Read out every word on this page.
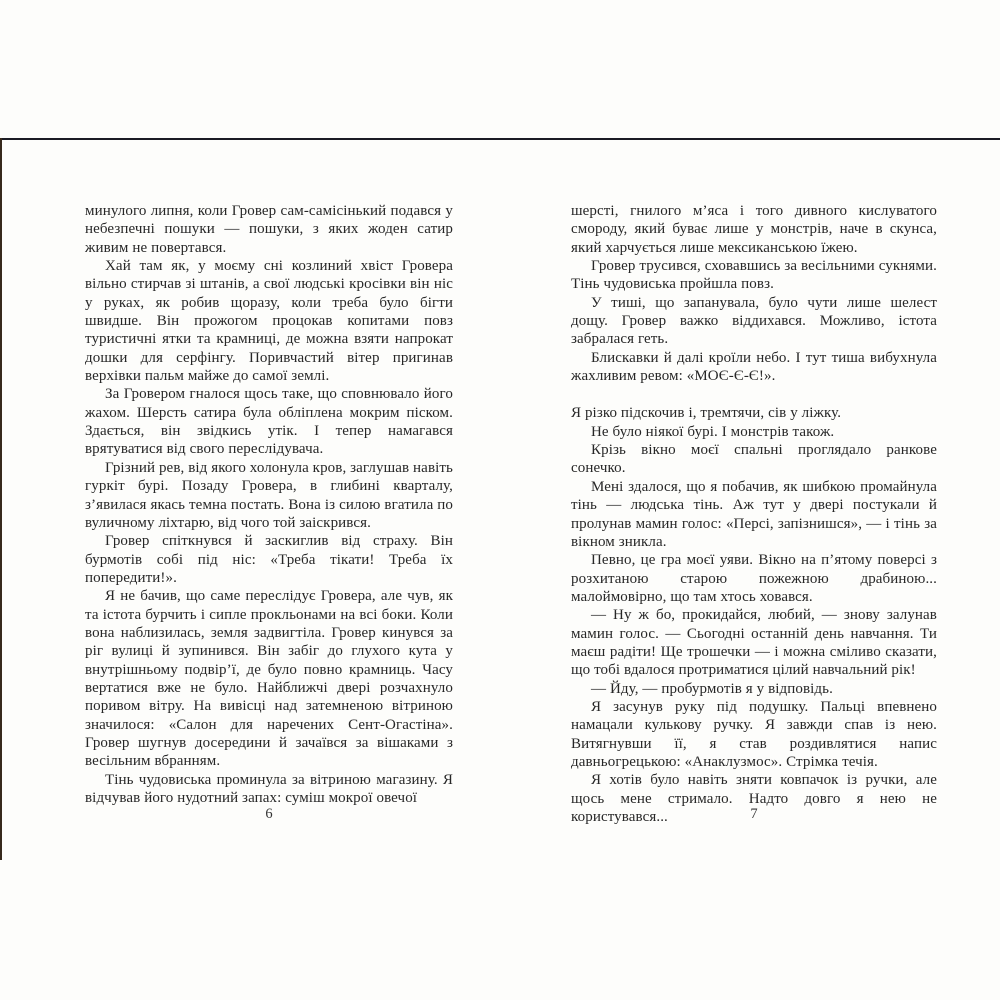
минулого липня, коли Гровер сам-самісінький подався у небезпечні пошуки — пошуки, з яких жоден сатир живим не повертався.

Хай там як, у моєму сні козлиний хвіст Гровера вільно стирчав зі штанів, а свої людські кросівки він ніс у руках, як робив щоразу, коли треба було бігти швидше. Він прожогом процокав копитами повз туристичні ятки та крамниці, де можна взяти напрокат дошки для серфінгу. Поривчастий вітер пригинав верхівки пальм майже до самої землі.

За Гровером гналося щось таке, що сповнювало його жахом. Шерсть сатира була обліплена мокрим піском. Здається, він звідкись утік. І тепер намагався врятуватися від свого переслідувача.

Грізний рев, від якого холонула кров, заглушав навіть гуркіт бурі. Позаду Гровера, в глибині кварталу, з’явилася якась темна постать. Вона із силою вгатила по вуличному ліхтарю, від чого той заіскрився.

Гровер спіткнувся й заскиглив від страху. Він бурмотів собі під ніс: «Треба тікати! Треба їх попередити!».

Я не бачив, що саме переслідує Гровера, але чув, як та істота бурчить і сипле прокльонами на всі боки. Коли вона наблизилась, земля задвигтіла. Гровер кинувся за ріг вулиці й зупинився. Він забіг до глухого кута у внутрішньому подвір’ї, де було повно крамниць. Часу вертатися вже не було. Найближчі двері розчахнуло поривом вітру. На вивісці над затемненою вітриною значилося: «Салон для наречених Сент-Огастіна». Гровер шугнув досередини й зачаївся за вішаками з весільним вбранням.

Тінь чудовиська проминула за вітриною магазину. Я відчував його нудотний запах: суміш мокрої овечої

6

шерсті, гнилого м’яса і того дивного кислуватого смороду, який буває лише у монстрів, наче в скунса, який харчується лише мексиканською їжею.

Гровер трусився, сховавшись за весільними сукнями. Тінь чудовиська пройшла повз.

У тиші, що запанувала, було чути лише шелест дощу. Гровер важко віддихався. Можливо, істота забралася геть.

Блискавки й далі кроїли небо. І тут тиша вибухнула жахливим ревом: «МОЄ-Є-Є!».

Я різко підскочив і, тремтячи, сів у ліжку.

Не було ніякої бурі. І монстрів також.

Крізь вікно моєї спальні проглядало ранкове сонечко.

Мені здалося, що я побачив, як шибкою промайнула тінь — людська тінь. Аж тут у двері постукали й пролунав мамин голос: «Персі, запізнишся», — і тінь за вікном зникла.

Певно, це гра моєї уяви. Вікно на п’ятому поверсі з розхитаною старою пожежною драбиною... малоймовірно, що там хтось ховався.

— Ну ж бо, прокидайся, любий, — знову залунав мамин голос. — Сьогодні останній день навчання. Ти маєш радіти! Ще трошечки — і можна сміливо сказати, що тобі вдалося протриматися цілий навчальний рік!

— Йду, — пробурмотів я у відповідь.

Я засунув руку під подушку. Пальці впевнено намацали кулькову ручку. Я завжди спав із нею. Витягнувши її, я став роздивлятися напис давньогрецькою: «Анаклузмос». Стрімка течія.

Я хотів було навіть зняти ковпачок із ручки, але щось мене стримало. Надто довго я нею не користувався...	7
